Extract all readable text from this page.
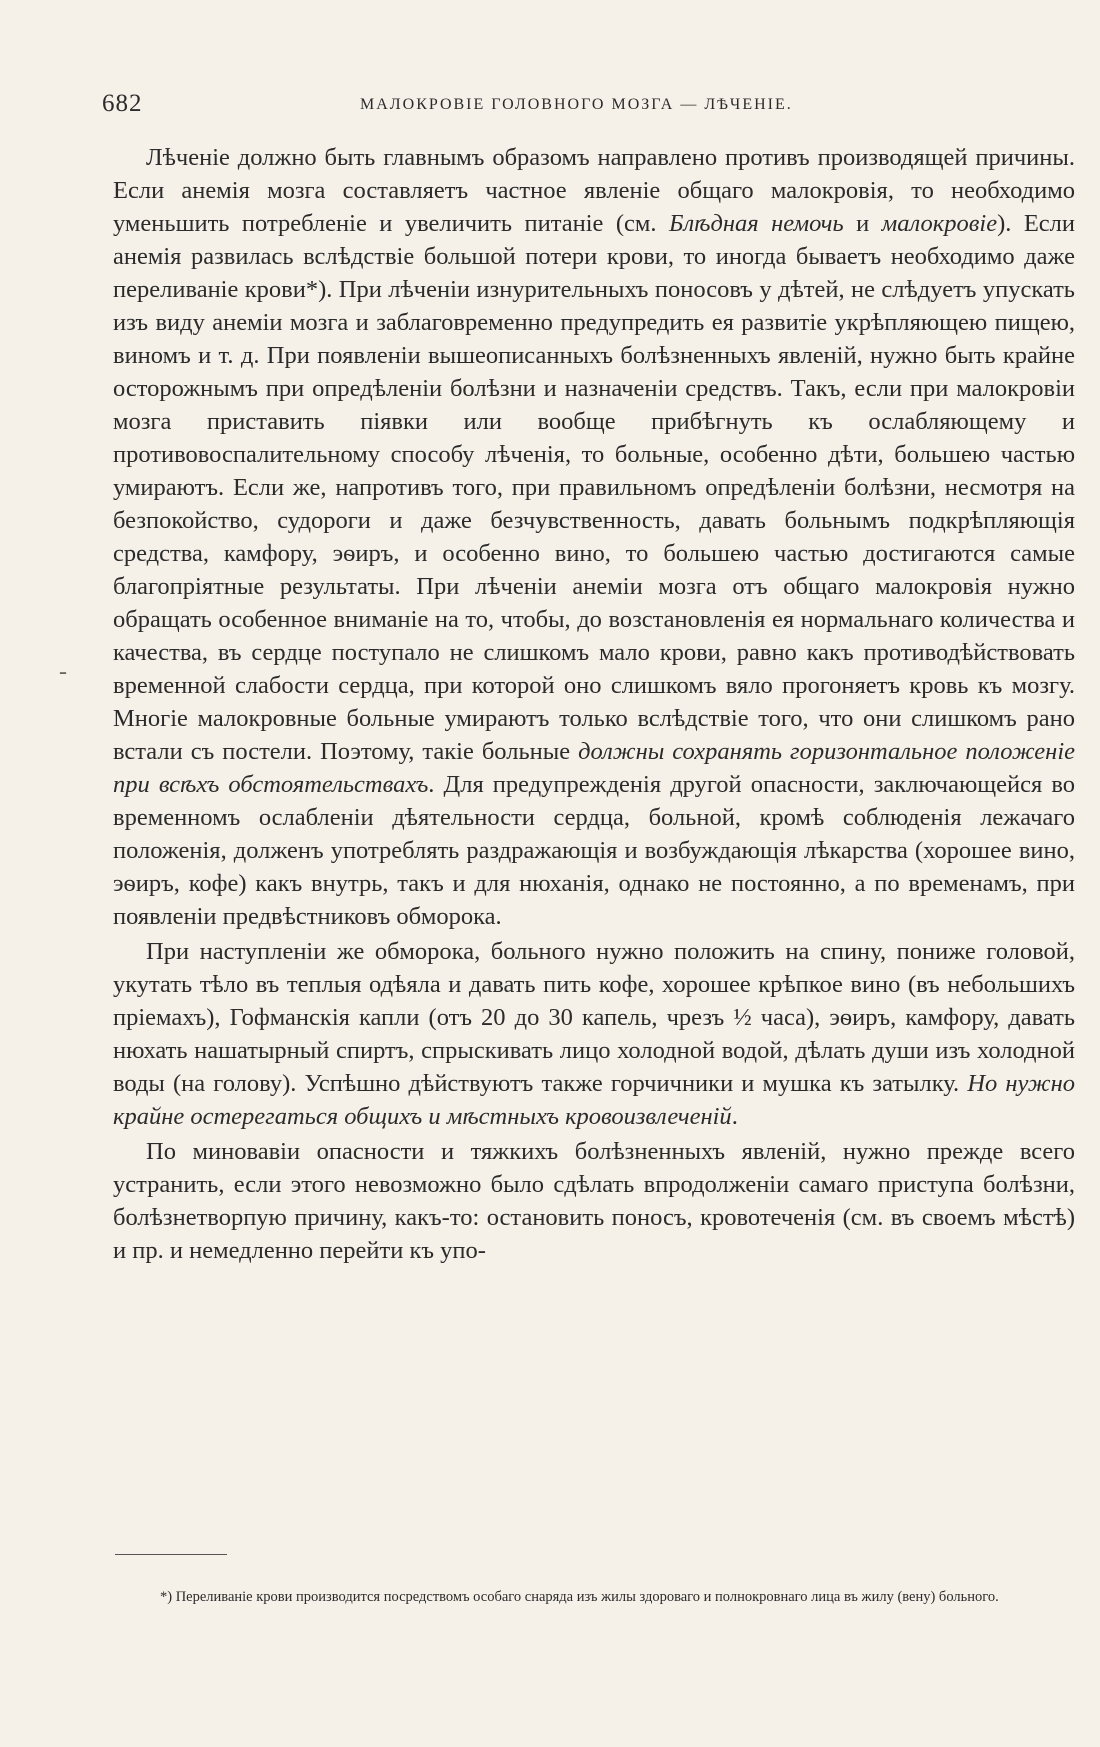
682	МАЛОКРОВІЕ ГОЛОВНОГО МОЗГА — ЛѢЧЕНІЕ.
-

Лѣченіе должно быть главнымъ образомъ направлено противъ производящей причины. Если анемія мозга составляетъ частное явленіе общаго малокровія, то необходимо уменьшить потребленіе и увеличить питаніе (см. Блѣдная немочь и малокровіе). Если анемія развилась вслѣдствіе большой потери крови, то иногда бываетъ необходимо даже переливаніе крови*). При лѣченіи изнурительныхъ поносовъ у дѣтей, не слѣдуетъ упускать изъ виду анеміи мозга и заблаговременно предупредить ея развитіе укрѣпляющею пищею, виномъ и т. д. При появленіи вышеописанныхъ болѣзненныхъ явленій, нужно быть крайне осторожнымъ при опредѣленіи болѣзни и назначеніи средствъ. Такъ, если при малокровіи мозга приставить піявки или вообще прибѣгнуть къ ослабляющему и противовоспалительному способу лѣченія, то больные, особенно дѣти, большею частью умираютъ. Если же, напротивъ того, при правильномъ опредѣленіи болѣзни, несмотря на безпокойство, судороги и даже безчувственность, давать больнымъ подкрѣпляющія средства, камфору, эѳиръ, и особенно вино, то большею частью достигаются самые благопріятные результаты. При лѣченіи анеміи мозга отъ общаго малокровія нужно обращать особенное вниманіе на то, чтобы, до возстановленія ея нормальнаго количества и качества, въ сердце поступало не слишкомъ мало крови, равно какъ противодѣйствовать временной слабости сердца, при которой оно слишкомъ вяло прогоняетъ кровь къ мозгу. Многіе малокровные больные умираютъ только вслѣдствіе того, что они слишкомъ рано встали съ постели. Поэтому, такіе больные должны сохранять горизонтальное положеніе при всѣхъ обстоятельствахъ. Для предупрежденія другой опасности, заключающейся во временномъ ослабленіи дѣятельности сердца, больной, кромѣ соблюденія лежачаго положенія, долженъ употреблять раздражающія и возбуждающія лѣкарства (хорошее вино, эѳиръ, кофе) какъ внутрь, такъ и для нюханія, однако не постоянно, а по временамъ, при появленіи предвѣстниковъ обморока.

При наступленіи же обморока, больного нужно положить на спину, пониже головой, укутать тѣло въ теплыя одѣяла и давать пить кофе, хорошее крѣпкое вино (въ небольшихъ пріемахъ), Гофманскія капли (отъ 20 до 30 капель, чрезъ ½ часа), эѳиръ, камфору, давать нюхать нашатырный спиртъ, спрыскивать лицо холодной водой, дѣлать души изъ холодной воды (на голову). Успѣшно дѣйствуютъ также горчичники и мушка къ затылку. Но нужно крайне остерегаться общихъ и мѣстныхъ кровоизвлеченій.

По миновавіи опасности и тяжкихъ болѣзненныхъ явленій, нужно прежде всего устранить, если этого невозможно было сдѣлать впродолженіи самаго приступа болѣзни, болѣзнетворпую причину, какъ-то: остановить поносъ, кровотеченія (см. въ своемъ мѣстѣ) и пр. и немедленно перейти къ упо-

*) Переливаніе крови производится посредствомъ особаго снаряда изъ жилы здороваго и полнокровнаго лица въ жилу (вену) больного.
